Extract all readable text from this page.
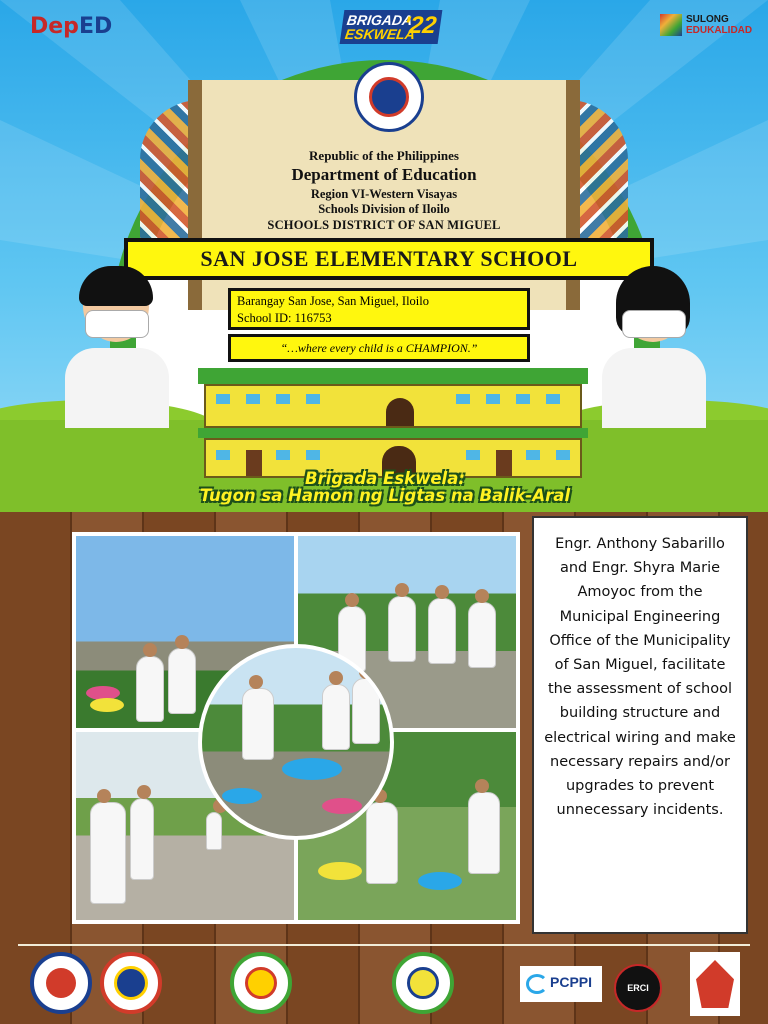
DepED	BRIGADA
ESKWELA
'22	SULONG
EDUKALIDAD
Republic of the Philippines
Department of Education
Region VI-Western Visayas
Schools Division of Iloilo
SCHOOLS DISTRICT OF SAN MIGUEL
SAN JOSE ELEMENTARY SCHOOL
Barangay San Jose, San Miguel, Iloilo
School ID: 116753
“…where every child is a CHAMPION.”
Brigada Eskwela:
Tugon sa Hamon ng Ligtas na Balik-Aral
Engr. Anthony Sabarillo and Engr. Shyra Marie Amoyoc from the Municipal Engineering Office of the Municipality of San Miguel, facilitate the assessment of school building structure and electrical wiring and make necessary repairs and/or upgrades to prevent unnecessary incidents.
PCPPI	ERCI
